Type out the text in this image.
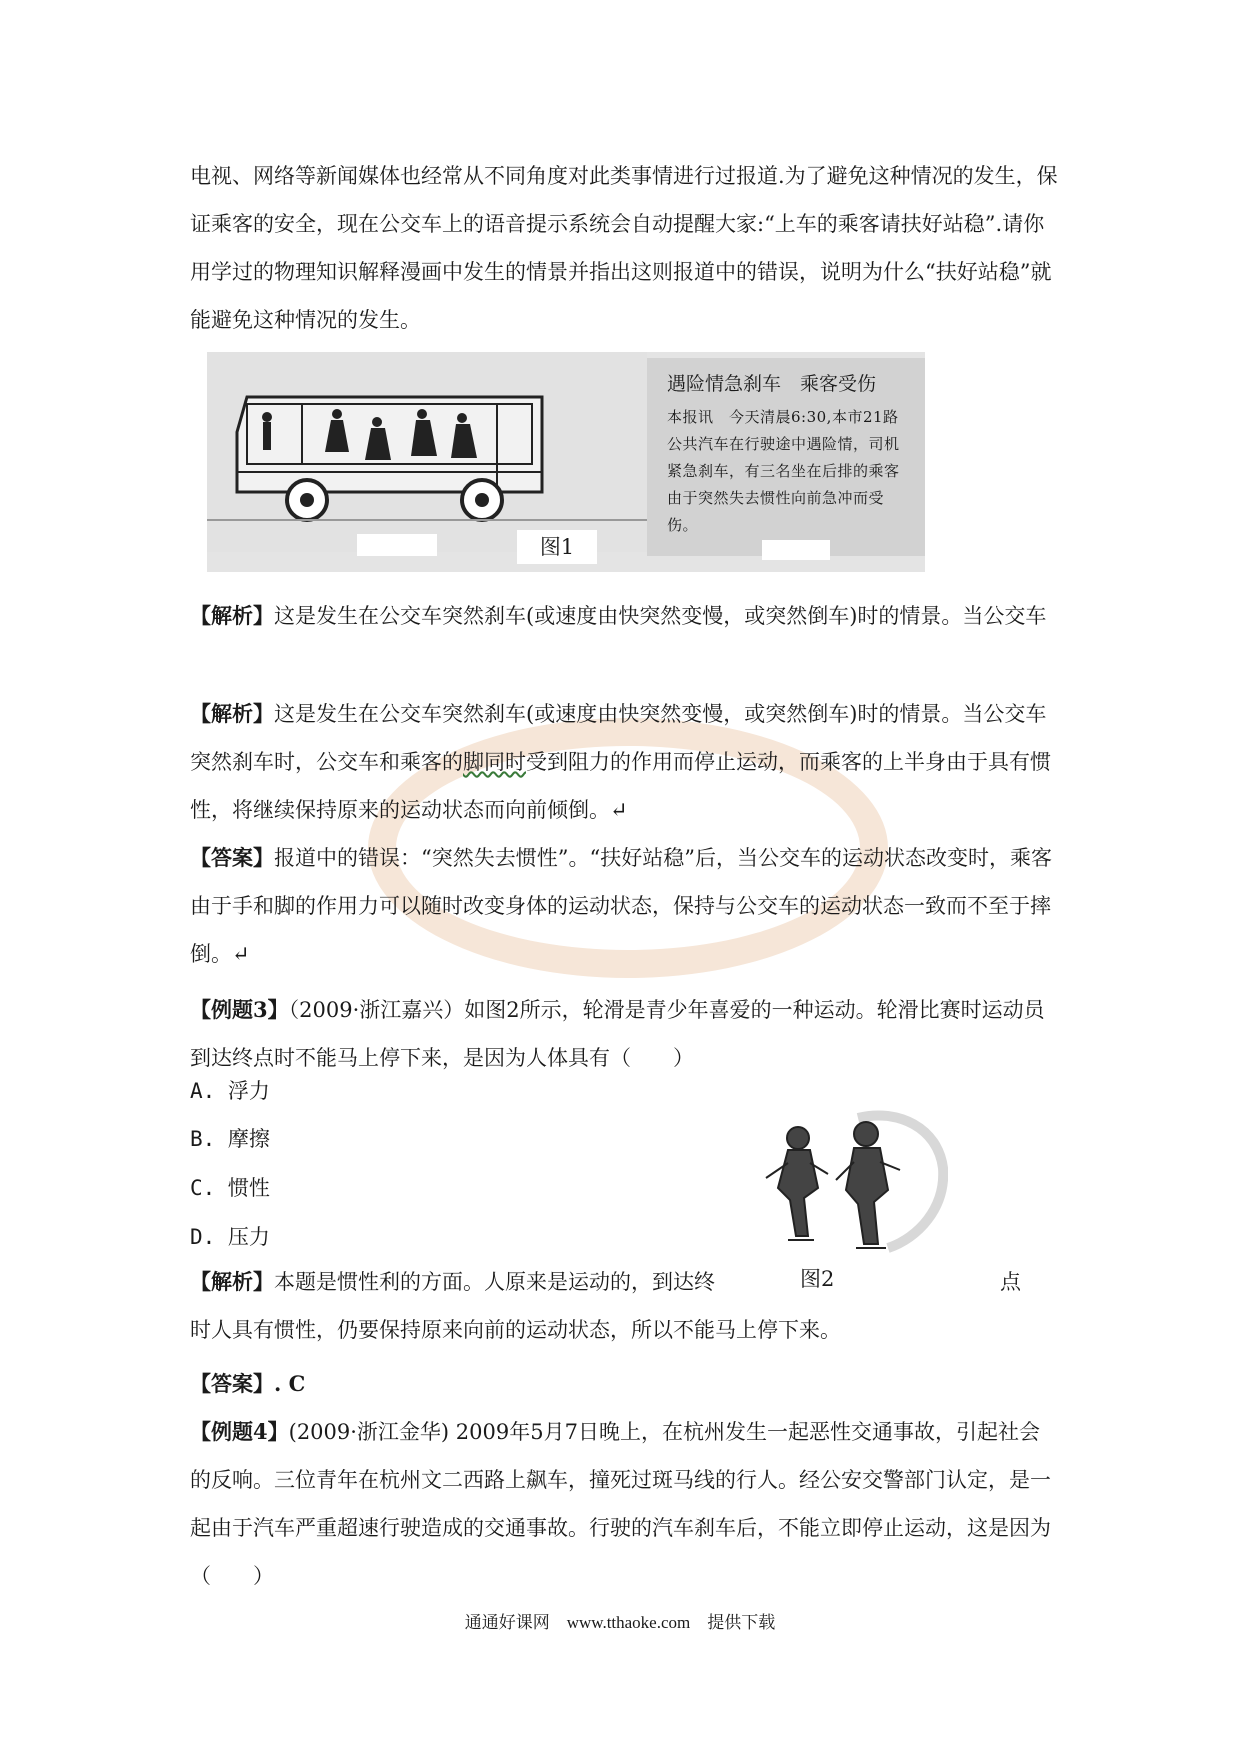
电视、网络等新闻媒体也经常从不同角度对此类事情进行过报道.为了避免这种情况的发生，保证乘客的安全，现在公交车上的语音提示系统会自动提醒大家:“上车的乘客请扶好站稳”.请你用学过的物理知识解释漫画中发生的情景并指出这则报道中的错误，说明为什么“扶好站稳”就能避免这种情况的发生。

遇险情急刹车　乘客受伤

本报讯　今天清晨6:30,本市21路公共汽车在行驶途中遇险情，司机紧急刹车，有三名坐在后排的乘客由于突然失去惯性向前急冲而受伤。

图1

【解析】这是发生在公交车突然刹车(或速度由快突然变慢，或突然倒车)时的情景。当公交车

【解析】这是发生在公交车突然刹车(或速度由快突然变慢，或突然倒车)时的情景。当公交车突然刹车时，公交车和乘客的脚同时受到阻力的作用而停止运动，而乘客的上半身由于具有惯性，将继续保持原来的运动状态而向前倾倒。↵

【答案】报道中的错误：“突然失去惯性”。“扶好站稳”后，当公交车的运动状态改变时，乘客由于手和脚的作用力可以随时改变身体的运动状态，保持与公交车的运动状态一致而不至于摔倒。↵

【例题3】（2009·浙江嘉兴）如图2所示，轮滑是青少年喜爱的一种运动。轮滑比赛时运动员到达终点时不能马上停下来，是因为人体具有（　　）

A. 浮力

B. 摩擦

C. 惯性

D. 压力

图2

【解析】本题是惯性利的方面。人原来是运动的，到达终	点

时人具有惯性，仍要保持原来向前的运动状态，所以不能马上停下来。

【答案】. C

【例题4】(2009·浙江金华) 2009年5月7日晚上，在杭州发生一起恶性交通事故，引起社会的反响。三位青年在杭州文二西路上飙车，撞死过斑马线的行人。经公安交警部门认定，是一起由于汽车严重超速行驶造成的交通事故。行驶的汽车刹车后，不能立即停止运动，这是因为（　　）

通通好课网　www.tthaoke.com　提供下载
